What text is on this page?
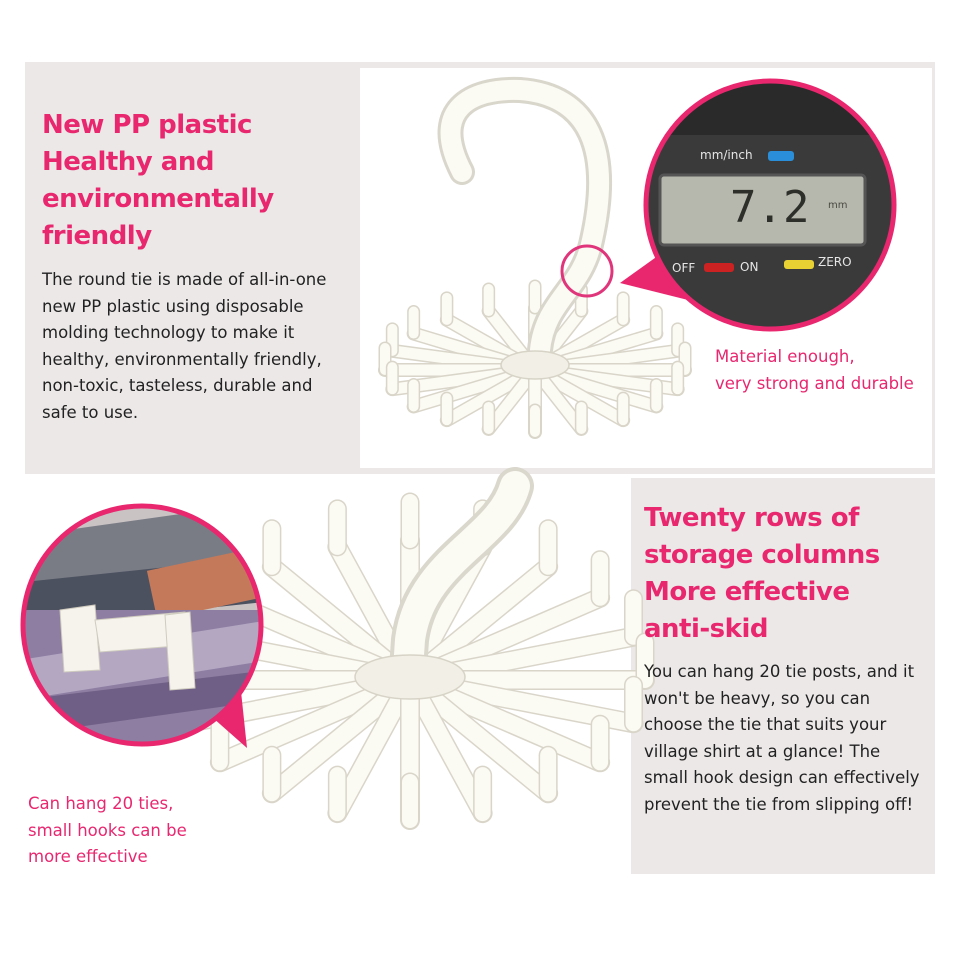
New PP plastic
Healthy and
environmentally
friendly

The round tie is made of all-in-one
new PP plastic using disposable
molding technology to make it
healthy, environmentally friendly,
non-toxic, tasteless, durable and
safe to use.

mm/inch
7.2 mm
OFF	ON	ZERO

Material enough,
very strong and durable

Twenty rows of
storage columns
More effective
anti-skid

You can hang 20 tie posts, and it
won't be heavy, so you can
choose the tie that suits your
village shirt at a glance! The
small hook design can effectively
prevent the tie from slipping off!

Can hang 20 ties,
small hooks can be
more effective
